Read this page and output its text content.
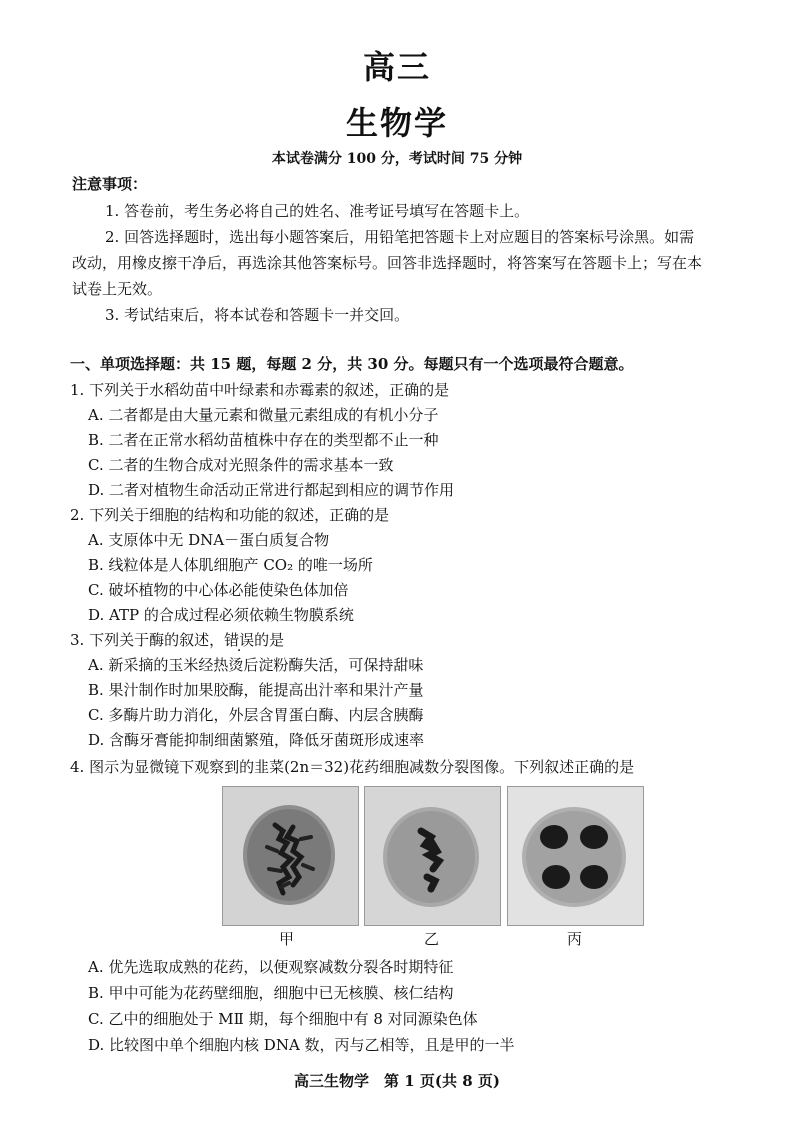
高三
生物学
本试卷满分 100 分，考试时间 75 分钟
注意事项：
1. 答卷前，考生务必将自己的姓名、准考证号填写在答题卡上。
2. 回答选择题时，选出每小题答案后，用铅笔把答题卡上对应题目的答案标号涂黑。如需
改动，用橡皮擦干净后，再选涂其他答案标号。回答非选择题时，将答案写在答题卡上；写在本
试卷上无效。
3. 考试结束后，将本试卷和答题卡一并交回。
一、单项选择题：共 15 题，每题 2 分，共 30 分。每题只有一个选项最符合题意。
1. 下列关于水稻幼苗中叶绿素和赤霉素的叙述，正确的是
A. 二者都是由大量元素和微量元素组成的有机小分子
B. 二者在正常水稻幼苗植株中存在的类型都不止一种
C. 二者的生物合成对光照条件的需求基本一致
D. 二者对植物生命活动正常进行都起到相应的调节作用
2. 下列关于细胞的结构和功能的叙述，正确的是
A. 支原体中无 DNA－蛋白质复合物
B. 线粒体是人体肌细胞产 CO₂ 的唯一场所
C. 破坏植物的中心体必能使染色体加倍
D. ATP 的合成过程必须依赖生物膜系统
3. 下列关于酶的叙述，错误的是
A. 新采摘的玉米经热烫后淀粉酶失活，可保持甜味
B. 果汁制作时加果胶酶，能提高出汁率和果汁产量
C. 多酶片助力消化，外层含胃蛋白酶、内层含胰酶
D. 含酶牙膏能抑制细菌繁殖，降低牙菌斑形成速率
4. 图示为显微镜下观察到的韭菜(2n＝32)花药细胞减数分裂图像。下列叙述正确的是
甲	乙	丙
A. 优先选取成熟的花药，以便观察减数分裂各时期特征
B. 甲中可能为花药壁细胞，细胞中已无核膜、核仁结构
C. 乙中的细胞处于 MⅡ 期，每个细胞中有 8 对同源染色体
D. 比较图中单个细胞内核 DNA 数，丙与乙相等，且是甲的一半
高三生物学　第 1 页(共 8 页)
